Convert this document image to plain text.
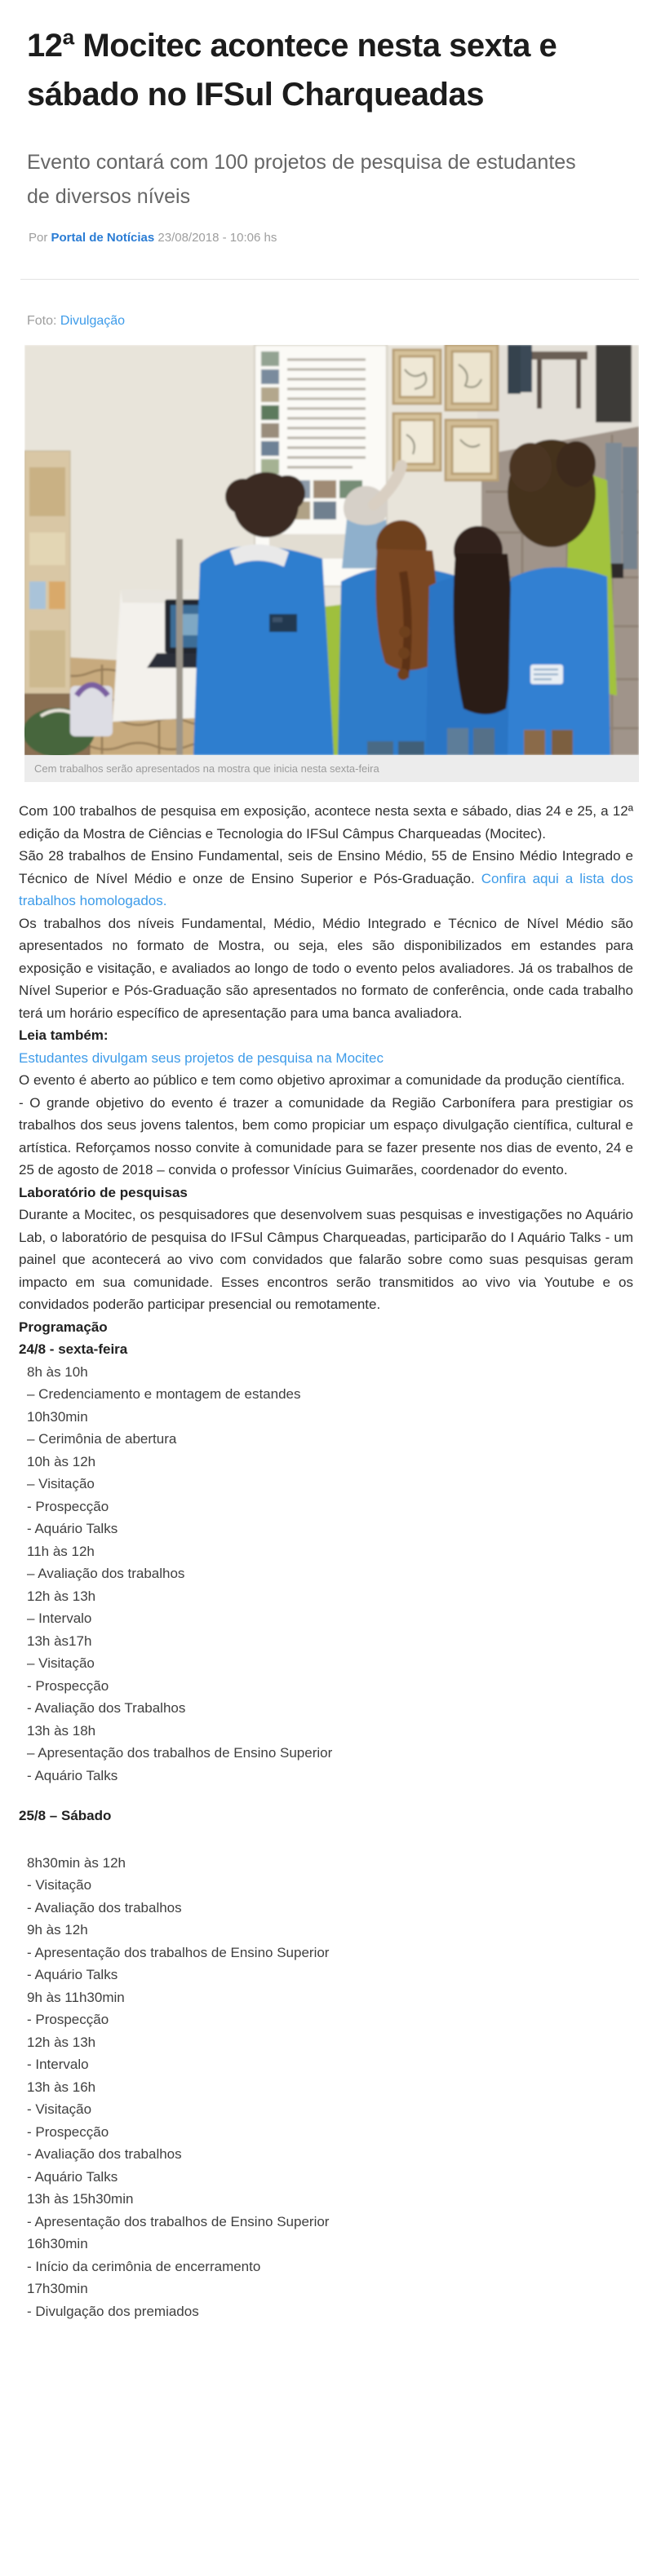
12ª Mocitec acontece nesta sexta e sábado no IFSul Charqueadas
Evento contará com 100 projetos de pesquisa de estudantes de diversos níveis
Por Portal de Notícias 23/08/2018 - 10:06 hs
Foto: Divulgação
Cem trabalhos serão apresentados na mostra que inicia nesta sexta-feira

Com 100 trabalhos de pesquisa em exposição, acontece nesta sexta e sábado, dias 24 e 25, a 12ª edição da Mostra de Ciências e Tecnologia do IFSul Câmpus Charqueadas (Mocitec).

São 28 trabalhos de Ensino Fundamental, seis de Ensino Médio, 55 de Ensino Médio Integrado e Técnico de Nível Médio e onze de Ensino Superior e Pós-Graduação. Confira aqui a lista dos trabalhos homologados.

Os trabalhos dos níveis Fundamental, Médio, Médio Integrado e Técnico de Nível Médio são apresentados no formato de Mostra, ou seja, eles são disponibilizados em estandes para exposição e visitação, e avaliados ao longo de todo o evento pelos avaliadores. Já os trabalhos de Nível Superior e Pós-Graduação são apresentados no formato de conferência, onde cada trabalho terá um horário específico de apresentação para uma banca avaliadora.

Leia também:

Estudantes divulgam seus projetos de pesquisa na Mocitec

O evento é aberto ao público e tem como objetivo aproximar a comunidade da produção científica.

- O grande objetivo do evento é trazer a comunidade da Região Carbonífera para prestigiar os trabalhos dos seus jovens talentos, bem como propiciar um espaço divulgação científica, cultural e artística. Reforçamos nosso convite à comunidade para se fazer presente nos dias de evento, 24 e 25 de agosto de 2018 – convida o professor Vinícius Guimarães, coordenador do evento.

Laboratório de pesquisas

Durante a Mocitec, os pesquisadores que desenvolvem suas pesquisas e investigações no Aquário Lab, o laboratório de pesquisa do IFSul Câmpus Charqueadas, participarão do I Aquário Talks - um painel que acontecerá ao vivo com convidados que falarão sobre como suas pesquisas geram impacto em sua comunidade. Esses encontros serão transmitidos ao vivo via Youtube e os convidados poderão participar presencial ou remotamente.

Programação

24/8 - sexta-feira

8h às 10h
– Credenciamento e montagem de estandes
10h30min
– Cerimônia de abertura
10h às 12h
– Visitação
- Prospecção
- Aquário Talks
11h às 12h
– Avaliação dos trabalhos
12h às 13h
– Intervalo
13h às17h
– Visitação
- Prospecção
- Avaliação dos Trabalhos
13h às 18h
– Apresentação dos trabalhos de Ensino Superior
- Aquário Talks

25/8 – Sábado

8h30min às 12h
- Visitação
- Avaliação dos trabalhos
9h às 12h
- Apresentação dos trabalhos de Ensino Superior
- Aquário Talks
9h às 11h30min
- Prospecção
12h às 13h
- Intervalo
13h às 16h
- Visitação
- Prospecção
- Avaliação dos trabalhos
- Aquário Talks
13h às 15h30min
- Apresentação dos trabalhos de Ensino Superior
16h30min
- Início da cerimônia de encerramento
17h30min
- Divulgação dos premiados
